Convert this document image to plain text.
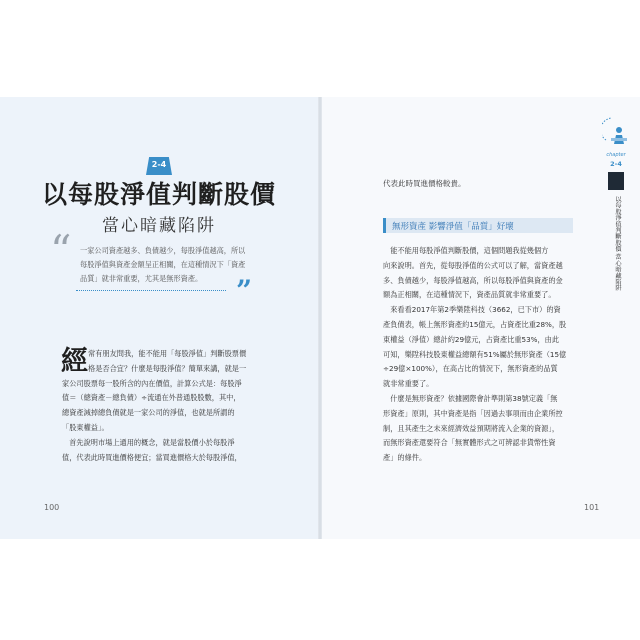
2-4
以每股淨值判斷股價
當心暗藏陷阱
“ 一家公司資產越多、負債越少，每股淨值越高，所以
每股淨值與資產金額呈正相關，在這種情況下「資產
品質」就非常重要，尤其是無形資產。	”
經 常有朋友問我，能不能用「每股淨值」判斷股票價
格是否合宜？什麼是每股淨值？簡單來講，就是一
家公司股票每一股所含的內在價值，計算公式是：每股淨
值＝（總資產－總負債）÷流通在外普通股股數，其中，
總資產減掉總負債就是一家公司的淨值，也就是所謂的
「股東權益」。
　首先說明市場上通用的概念，就是當股價小於每股淨
值，代表此時買進價格便宜；當買進價格大於每股淨值，
100
代表此時買進價格較貴。
無形資產 影響淨值「品質」好壞
　能不能用每股淨值判斷股價，這個問題我從幾個方
向來說明。首先，從每股淨值的公式可以了解，當資產越
多、負債越少，每股淨值越高，所以每股淨值與資產的金
額為正相關，在這種情況下，資產品質就非常重要了。
　來看看2017年第2季樂陞科技（3662，已下市）的資
產負債表，帳上無形資產約15億元，占資產比重28%，股
東權益（淨值）總計約29億元，占資產比重53%，由此
可知，樂陞科技股東權益總額有51%屬於無形資產（15億
÷29億×100%），在高占比的情況下，無形資產的品質
就非常重要了。
　什麼是無形資產？依據國際會計準則第38號定義「無
形資產」原則，其中資產是指「因過去事項而由企業所控
制，且其產生之未來經濟效益預期將流入企業的資源」，
而無形資產還要符合「無實體形式之可辨認非貨幣性資
產」的條件。
101
chapter
2-4
以每股淨值判斷股價 當心暗藏陷阱
